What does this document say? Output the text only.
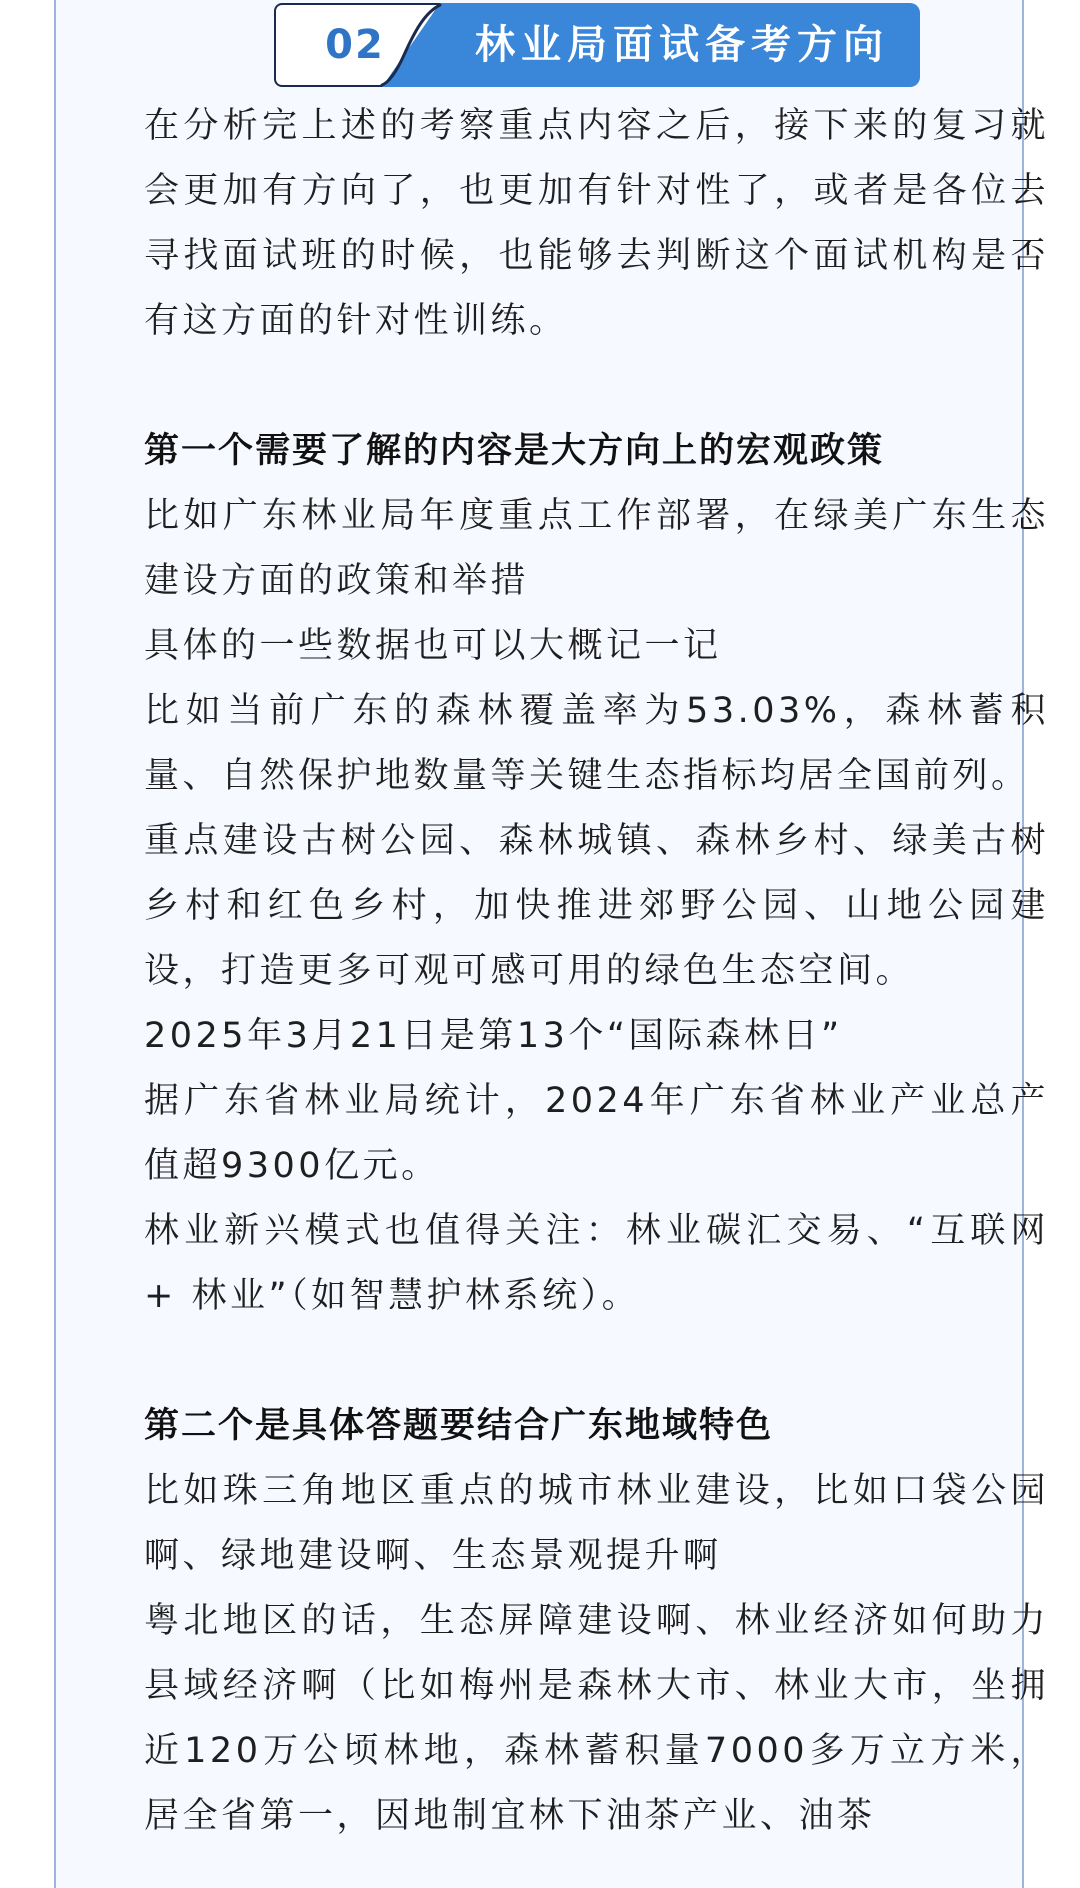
02	林业局面试备考方向

在分析完上述的考察重点内容之后，接下来的复习就会更加有方向了，也更加有针对性了，或者是各位去寻找面试班的时候，也能够去判断这个面试机构是否有这方面的针对性训练。

第一个需要了解的内容是大方向上的宏观政策

比如广东林业局年度重点工作部署，在绿美广东生态建设方面的政策和举措

具体的一些数据也可以大概记一记

比如当前广东的森林覆盖率为53.03%，森林蓄积量、自然保护地数量等关键生态指标均居全国前列。

重点建设古树公园、森林城镇、森林乡村、绿美古树乡村和红色乡村，加快推进郊野公园、山地公园建设，打造更多可观可感可用的绿色生态空间。

2025年3月21日是第13个“国际森林日”

据广东省林业局统计，2024年广东省林业产业总产值超9300亿元。

林业新兴模式也值得关注：林业碳汇交易、“互联网 + 林业”（如智慧护林系统）。

第二个是具体答题要结合广东地域特色

比如珠三角地区重点的城市林业建设，比如口袋公园啊、绿地建设啊、生态景观提升啊

粤北地区的话，生态屏障建设啊、林业经济如何助力县域经济啊（比如梅州是森林大市、林业大市，坐拥近120万公顷林地，森林蓄积量7000多万立方米，居全省第一，因地制宜林下油茶产业、油茶
